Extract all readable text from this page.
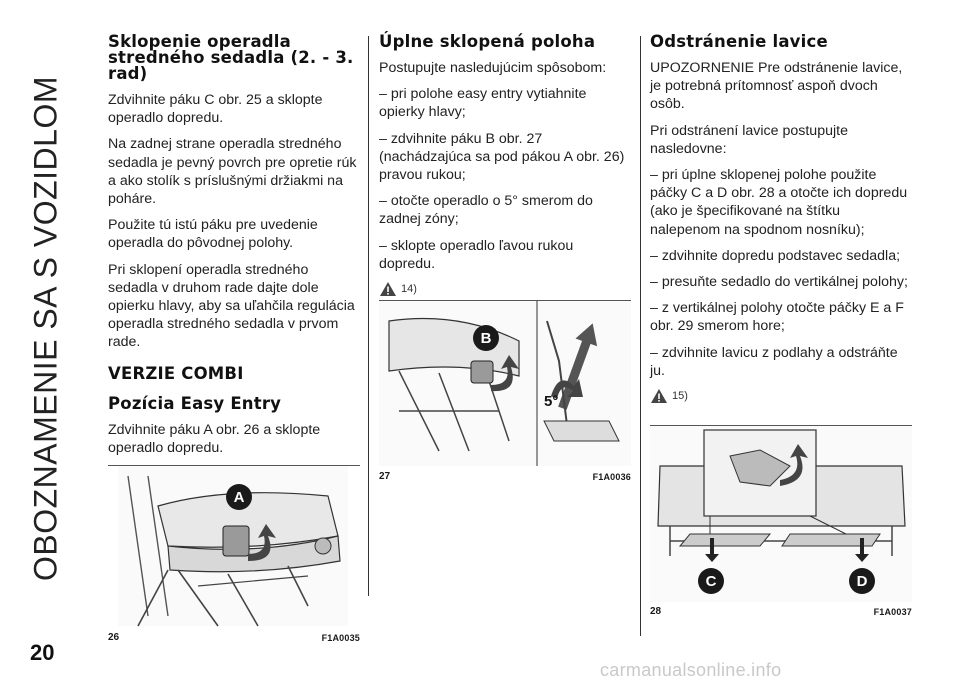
OBOZNAMENIE SA S VOZIDLOM
20
carmanualsonline.info
Sklopenie operadla stredného sedadla (2. - 3. rad)

Zdvihnite páku C obr. 25 a sklopte operadlo dopredu.

Na zadnej strane operadla stredného sedadla je pevný povrch pre opretie rúk a ako stolík s príslušnými držiakmi na poháre.

Použite tú istú páku pre uvedenie operadla do pôvodnej polohy.

Pri sklopení operadla stredného sedadla v druhom rade dajte dole opierku hlavy, aby sa uľahčila regulácia operadla stredného sedadla v prvom rade.

VERZIE COMBI
Pozícia Easy Entry

Zdvihnite páku A obr. 26 a sklopte operadlo dopredu.

A
26	F1A0035
Úplne sklopená poloha

Postupujte nasledujúcim spôsobom:

– pri polohe easy entry vytiahnite opierky hlavy;

– zdvihnite páku B obr. 27 (nachádzajúca sa pod pákou A obr. 26) pravou rukou;

– otočte operadlo o 5° smerom do zadnej zóny;

– sklopte operadlo ľavou rukou dopredu.

14)
B
5°
27	F1A0036
Odstránenie lavice

UPOZORNENIE Pre odstránenie lavice, je potrebná prítomnosť aspoň dvoch osôb.

Pri odstránení lavice postupujte nasledovne:

– pri úplne sklopenej polohe použite páčky C a D obr. 28 a otočte ich dopredu (ako je špecifikované na štítku nalepenom na spodnom nosníku);

– zdvihnite dopredu podstavec sedadla;

– presuňte sedadlo do vertikálnej polohy;

– z vertikálnej polohy otočte páčky E a F obr. 29 smerom hore;

– zdvihnite lavicu z podlahy a odstráňte ju.

15)
C	D
28	F1A0037
